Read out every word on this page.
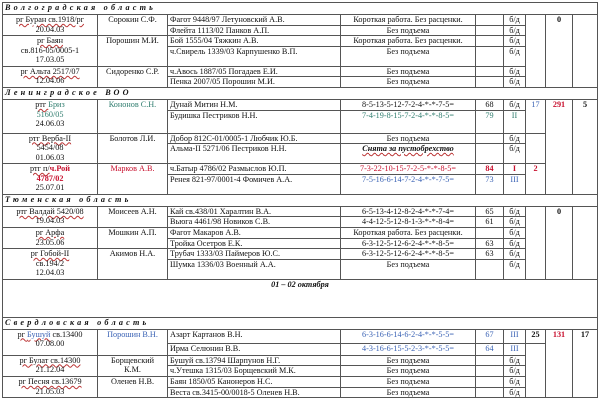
Волгоградская область								
рг Буран св.1918/рг
20.04.03	Сорокин С.Ф.	Фагот 9448/97 Летуновский А.В.	Короткая работа. Без расценки.		б/д		0	
		Флейта 1113/02 Панков А.П.	Без подъема		б/д			
рг Баян
св.816-05/0005-1
17.03.05	Порошин М.И.	Бой 1555/04 Тяжкин А.В.	Короткая работа. Без расценки.		б/д			
		ч.Свирель 1339/03 Карпушенко В.П.	Без подъема		б/д			
рг Альта 2517/07
12.04.06	Сидоренко С.Р.	ч.Авось 1887/05 Погадаев Е.И.	Без подъема		б/д			
		Пенка 2007/05 Порошин М.И.	Без подъема		б/д			
Ленинградское ВОО								
ртг Бриз
5160/05
24.06.03	Кононов С.Н.	Дунай Митин Н.М.	8-5-13-5-12-7-2-4-*-*-7-5=	68	б/д	17	291	5
		Будишка Пестриков Н.Н.	7-4-19-8-15-7-2-4-*-*-8-5=	79	II			
ртг Верба-II
5454/08
01.06.03	Болотов Л.И.	Добор 812С-01/0005-1 Любчик Ю.Б.	Без подъема		б/д			
		Альма-II 5271/06 Пестриков Н.Н.	Снята за пустобрехство		б/д			
ртг п/ч.Рой
4787/02
25.07.01	Марков А.В.	ч.Батыр 4786/02 Размыслов Ю.П.	7-3-22-10-15-7-2-5-*-*-8-5=	84	I	2		
		Ренея 821-97/0001-4 Фомичев А.А.	7-5-16-6-14-7-2-4-*-*-7-5=	73	III			
Тюменская область								
ртг Валдай 5420/08
19.04.03	Моисеев А.Н.	Кай св.438/01 Харалтин В.А.	6-5-13-4-12-8-2-4-*-*-7-4=	65	б/д		0	
		Вьюга 4461/98 Новиков С.В.	4-4-12-5-12-8-1-3-*-*-8-4=	61	б/д			
рг Арфа
23.05.06	Мошкин А.П.	Фагот Макаров А.В.	Короткая работа. Без расценки.		б/д			
		Тройка Осетров Е.К.	6-3-12-5-12-6-2-4-*-*-8-5=	63	б/д			
рг Гобой-II
св.194/2
12.04.03	Акимов Н.А.	Трубач 1333/03 Паймеров Ю.С.	6-3-12-5-12-6-2-4-*-*-8-5=	63	б/д			
		Шумка 1336/03 Военный А.А.	Без подъема		б/д			
01 – 02 октября								
Свердловская область								
рг Бушуй св.13400
07.08.00	Порошин В.Н.	Азарт Картанов В.Н.	6-3-16-6-14-6-2-4-*-*-5-5=	67	III	25	131	17
		Ирма Селюнин В.В.	4-3-16-6-15-5-2-3-*-*-5-5=	64	III			
рг Булат св.14300
21.12.04	Борщевский
К.М.	Бушуй св.13794 Шарпунов Н.Г.	Без подъема		б/д			
		ч.Утешка 1315/03 Борщевский М.К.	Без подъема		б/д			
рг Песня св.13679
21.05.03	Оленев Н.В.	Баян 1850/05 Канонеров Н.С.	Без подъема		б/д			
		Веста св.3415-00/0018-5 Оленев Н.В.	Без подъема		б/д			
